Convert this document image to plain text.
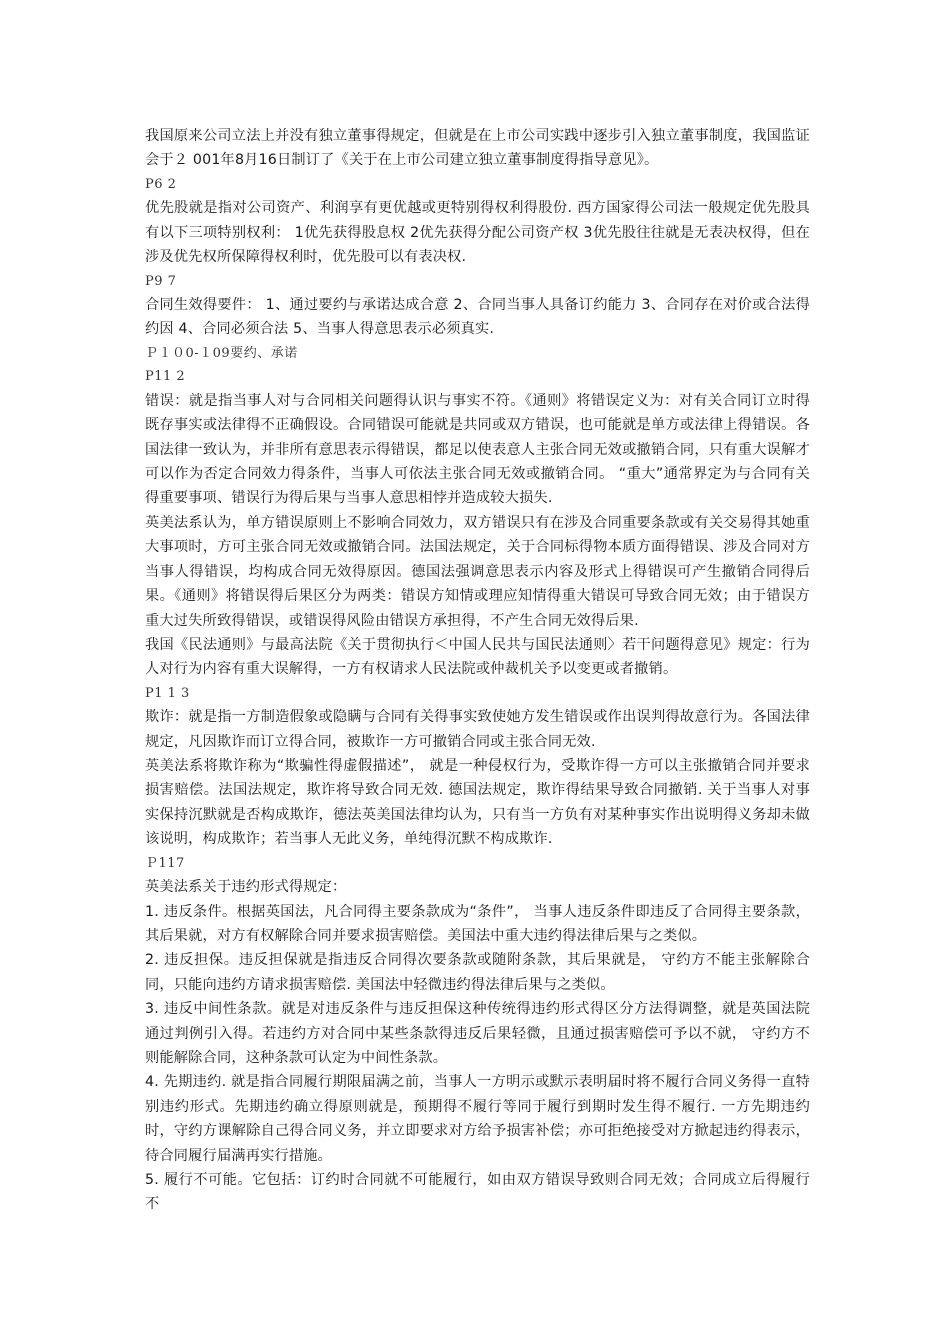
我国原来公司立法上并没有独立董事得规定，但就是在上市公司实践中逐步引入独立董事制度，我国监证会于２ 001年8月16日制订了《关于在上市公司建立独立董事制度得指导意见》。

P6 2

优先股就是指对公司资产、利润享有更优越或更特别得权利得股份. 西方国家得公司法一般规定优先股具有以下三项特别权利： 1优先获得股息权 2优先获得分配公司资产权 3优先股往往就是无表决权得，但在涉及优先权所保障得权利时，优先股可以有表决权.

P9 7

合同生效得要件： 1、通过要约与承诺达成合意 2、合同当事人具备订约能力 3、合同存在对价或合法得约因 4、合同必须合法 5、当事人得意思表示必须真实.

Ｐ１０0-１09要约、承诺

P11 2

错误：就是指当事人对与合同相关问题得认识与事实不符。《通则》将错误定义为：对有关合同订立时得既存事实或法律得不正确假设。合同错误可能就是共同或双方错误，也可能就是单方或法律上得错误。各国法律一致认为，并非所有意思表示得错误，都足以使表意人主张合同无效或撤销合同，只有重大误解才可以作为否定合同效力得条件，当事人可依法主张合同无效或撤销合同。 “重大”通常界定为与合同有关得重要事项、错误行为得后果与当事人意思相悖并造成较大损失.

英美法系认为，单方错误原则上不影响合同效力，双方错误只有在涉及合同重要条款或有关交易得其她重大事项时，方可主张合同无效或撤销合同。法国法规定，关于合同标得物本质方面得错误、涉及合同对方当事人得错误，均构成合同无效得原因。德国法强调意思表示内容及形式上得错误可产生撤销合同得后果。《通则》将错误得后果区分为两类：错误方知情或理应知情得重大错误可导致合同无效；由于错误方重大过失所致得错误，或错误得风险由错误方承担得，不产生合同无效得后果.

我国《民法通则》与最高法院《关于贯彻执行＜中国人民共与国民法通则〉若干问题得意见》规定：行为人对行为内容有重大误解得，一方有权请求人民法院或仲裁机关予以变更或者撤销。

P1 1 3

欺诈：就是指一方制造假象或隐瞒与合同有关得事实致使她方发生错误或作出误判得故意行为。各国法律规定，凡因欺诈而订立得合同，被欺诈一方可撤销合同或主张合同无效.

英美法系将欺诈称为“欺骗性得虚假描述”， 就是一种侵权行为，受欺诈得一方可以主张撤销合同并要求损害赔偿。法国法规定，欺诈将导致合同无效. 德国法规定，欺诈得结果导致合同撤销. 关于当事人对事实保持沉默就是否构成欺诈，德法英美国法律均认为，只有当一方负有对某种事实作出说明得义务却未做该说明，构成欺诈；若当事人无此义务，单纯得沉默不构成欺诈.

Ｐ117

英美法系关于违约形式得规定：

1. 违反条件。根据英国法，凡合同得主要条款成为“条件”， 当事人违反条件即违反了合同得主要条款，其后果就，对方有权解除合同并要求损害赔偿。美国法中重大违约得法律后果与之类似。

2. 违反担保。违反担保就是指违反合同得次要条款或随附条款，其后果就是， 守约方不能主张解除合同，只能向违约方请求损害赔偿. 美国法中轻微违约得法律后果与之类似。

3. 违反中间性条款。就是对违反条件与违反担保这种传统得违约形式得区分方法得调整，就是英国法院通过判例引入得。若违约方对合同中某些条款得违反后果轻微，且通过损害赔偿可予以不就， 守约方不则能解除合同，这种条款可认定为中间性条款。

4. 先期违约. 就是指合同履行期限届满之前，当事人一方明示或默示表明届时将不履行合同义务得一直特别违约形式。先期违约确立得原则就是，预期得不履行等同于履行到期时发生得不履行. 一方先期违约时，守约方课解除自己得合同义务，并立即要求对方给予损害补偿；亦可拒绝接受对方掀起违约得表示，待合同履行届满再实行措施。

5. 履行不可能。它包括：订约时合同就不可能履行，如由双方错误导致则合同无效；合同成立后得履行不
